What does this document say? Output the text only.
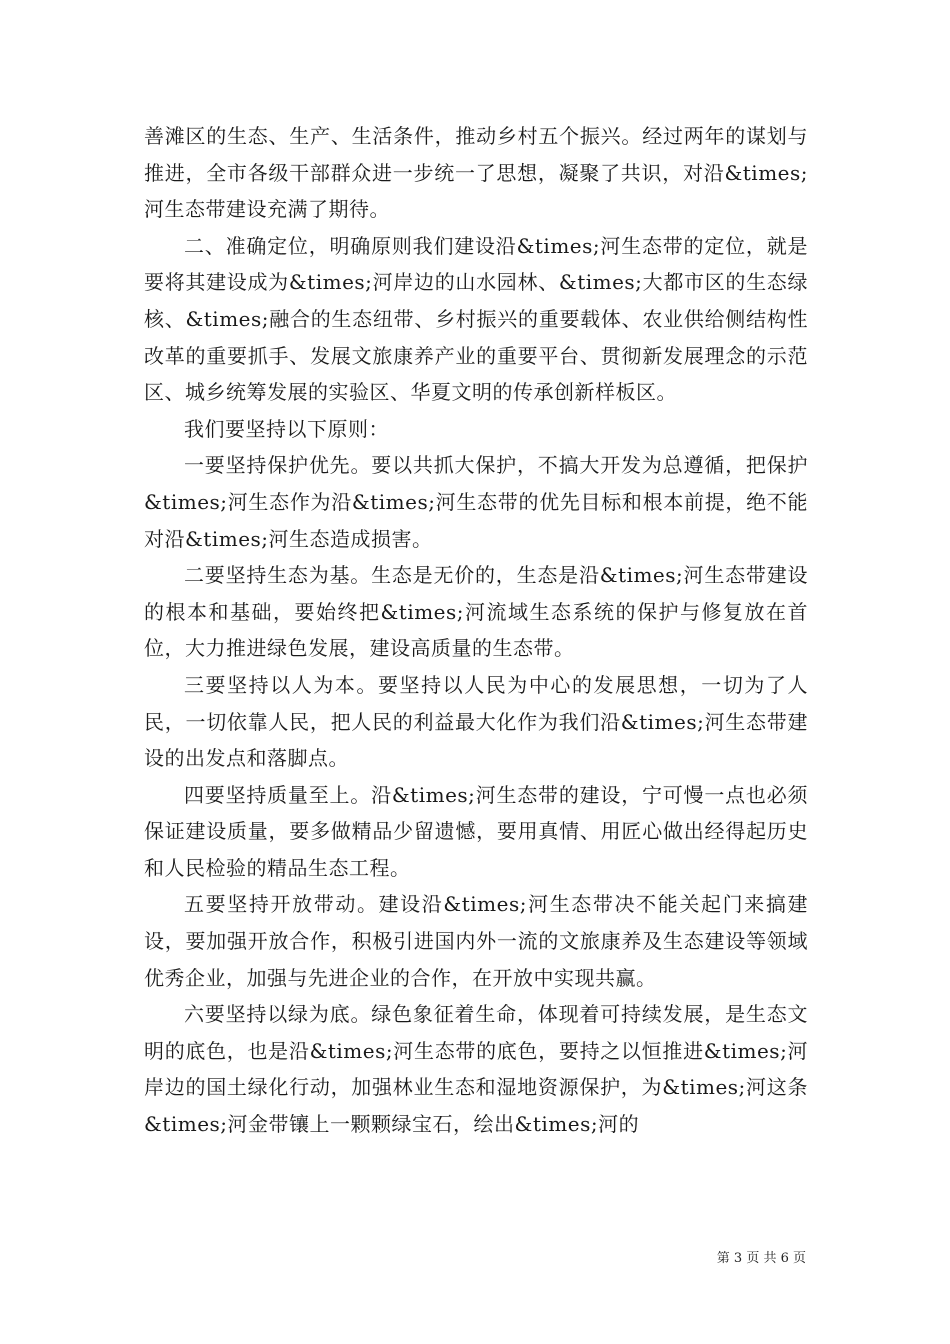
善滩区的生态、生产、生活条件，推动乡村五个振兴。经过两年的谋划与推进，全市各级干部群众进一步统一了思想，凝聚了共识，对沿&times;河生态带建设充满了期待。

二、准确定位，明确原则我们建设沿&times;河生态带的定位，就是要将其建设成为&times;河岸边的山水园林、&times;大都市区的生态绿核、&times;融合的生态纽带、乡村振兴的重要载体、农业供给侧结构性改革的重要抓手、发展文旅康养产业的重要平台、贯彻新发展理念的示范区、城乡统筹发展的实验区、华夏文明的传承创新样板区。

我们要坚持以下原则：

一要坚持保护优先。要以共抓大保护，不搞大开发为总遵循，把保护&times;河生态作为沿&times;河生态带的优先目标和根本前提，绝不能对沿&times;河生态造成损害。

二要坚持生态为基。生态是无价的，生态是沿&times;河生态带建设的根本和基础，要始终把&times;河流域生态系统的保护与修复放在首位，大力推进绿色发展，建设高质量的生态带。

三要坚持以人为本。要坚持以人民为中心的发展思想，一切为了人民，一切依靠人民，把人民的利益最大化作为我们沿&times;河生态带建设的出发点和落脚点。

四要坚持质量至上。沿&times;河生态带的建设，宁可慢一点也必须保证建设质量，要多做精品少留遗憾，要用真情、用匠心做出经得起历史和人民检验的精品生态工程。

五要坚持开放带动。建设沿&times;河生态带决不能关起门来搞建设，要加强开放合作，积极引进国内外一流的文旅康养及生态建设等领域优秀企业，加强与先进企业的合作，在开放中实现共赢。

六要坚持以绿为底。绿色象征着生命，体现着可持续发展，是生态文明的底色，也是沿&times;河生态带的底色，要持之以恒推进&times;河岸边的国土绿化行动，加强林业生态和湿地资源保护，为&times;河这条&times;河金带镶上一颗颗绿宝石，绘出&times;河的

第 3 页 共 6 页
